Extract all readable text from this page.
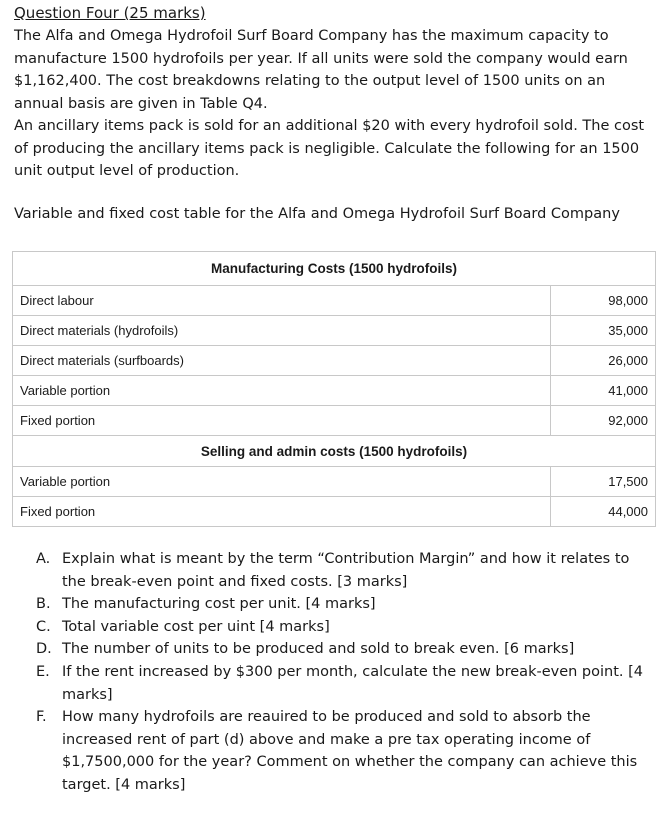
Question Four (25 marks)

The Alfa and Omega Hydrofoil Surf Board Company has the maximum capacity to manufacture 1500 hydrofoils per year. If all units were sold the company would earn $1,162,400. The cost breakdowns relating to the output level of 1500 units on an annual basis are given in Table Q4.

An ancillary items pack is sold for an additional $20 with every hydrofoil sold. The cost of producing the ancillary items pack is negligible. Calculate the following for an 1500 unit output level of production.

Variable and fixed cost table for the Alfa and Omega Hydrofoil Surf Board Company
Manufacturing Costs (1500 hydrofoils)	
Direct labour	98,000
Direct materials (hydrofoils)	35,000
Direct materials (surfboards)	26,000
Variable portion	41,000
Fixed portion	92,000
Selling and admin costs (1500 hydrofoils)	
Variable portion	17,500
Fixed portion	44,000
A. Explain what is meant by the term “Contribution Margin” and how it relates to the break-even point and fixed costs. [3 marks]
B. The manufacturing cost per unit. [4 marks]
C. Total variable cost per uint [4 marks]
D. The number of units to be produced and sold to break even. [6 marks]
E. If the rent increased by $300 per month, calculate the new break-even point. [4 marks]
F. How many hydrofoils are reauired to be produced and sold to absorb the increased rent of part (d) above and make a pre tax operating income of $1,7500,000 for the year? Comment on whether the company can achieve this target. [4 marks]
